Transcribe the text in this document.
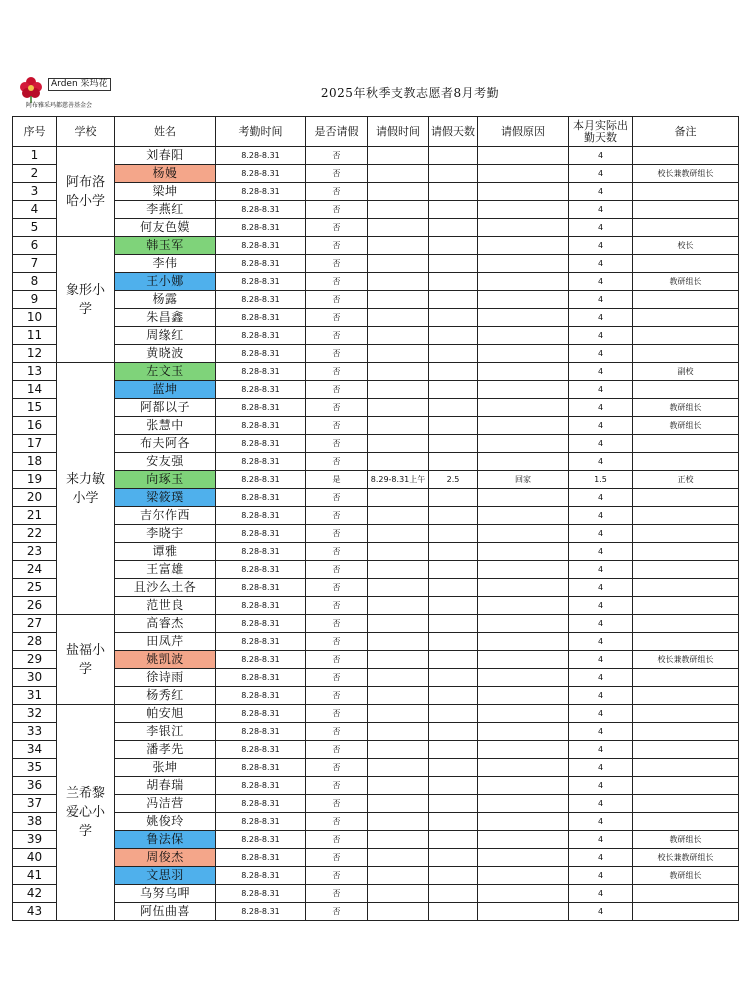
Arden 采玛花
阿布雅采玛都慈善基金会
2025年秋季支教志愿者8月考勤
序号	学校	姓名	考勤时间	是否请假	请假时间	请假天数	请假原因	本月实际出勤天数	备注
1	阿布洛哈小学	刘春阳	8.28-8.31	否				4	
2		杨嫚	8.28-8.31	否				4	校长兼教研组长
3		梁坤	8.28-8.31	否				4	
4		李燕红	8.28-8.31	否				4	
5		何友色嫫	8.28-8.31	否				4	
6	象形小学	韩玉军	8.28-8.31	否				4	校长
7		李伟	8.28-8.31	否				4	
8		王小娜	8.28-8.31	否				4	教研组长
9		杨露	8.28-8.31	否				4	
10		朱昌鑫	8.28-8.31	否				4	
11		周缘红	8.28-8.31	否				4	
12		黄晓波	8.28-8.31	否				4	
13	来力敏小学	左文玉	8.28-8.31	否				4	副校
14		蓝坤	8.28-8.31	否				4	
15		阿都以子	8.28-8.31	否				4	教研组长
16		张慧中	8.28-8.31	否				4	教研组长
17		布夫阿各	8.28-8.31	否				4	
18		安友强	8.28-8.31	否				4	
19		向琢玉	8.28-8.31	是	8.29-8.31上午	2.5	回家	1.5	正校
20		梁筱璞	8.28-8.31	否				4	
21		吉尔作西	8.28-8.31	否				4	
22		李晓宇	8.28-8.31	否				4	
23		谭雅	8.28-8.31	否				4	
24		王富雄	8.28-8.31	否				4	
25		且沙么土各	8.28-8.31	否				4	
26		范世良	8.28-8.31	否				4	
27	盐福小学	高睿杰	8.28-8.31	否				4	
28		田凤芹	8.28-8.31	否				4	
29		姚凯波	8.28-8.31	否				4	校长兼教研组长
30		徐诗雨	8.28-8.31	否				4	
31		杨秀红	8.28-8.31	否				4	
32	兰希黎爱心小学	帕安旭	8.28-8.31	否				4	
33		李银江	8.28-8.31	否				4	
34		潘孝先	8.28-8.31	否				4	
35		张坤	8.28-8.31	否				4	
36		胡春瑞	8.28-8.31	否				4	
37		冯洁营	8.28-8.31	否				4	
38		姚俊玲	8.28-8.31	否				4	
39		鲁法保	8.28-8.31	否				4	教研组长
40		周俊杰	8.28-8.31	否				4	校长兼教研组长
41		文思羽	8.28-8.31	否				4	教研组长
42		乌努乌呷	8.28-8.31	否				4	
43		阿伍曲喜	8.28-8.31	否				4	
